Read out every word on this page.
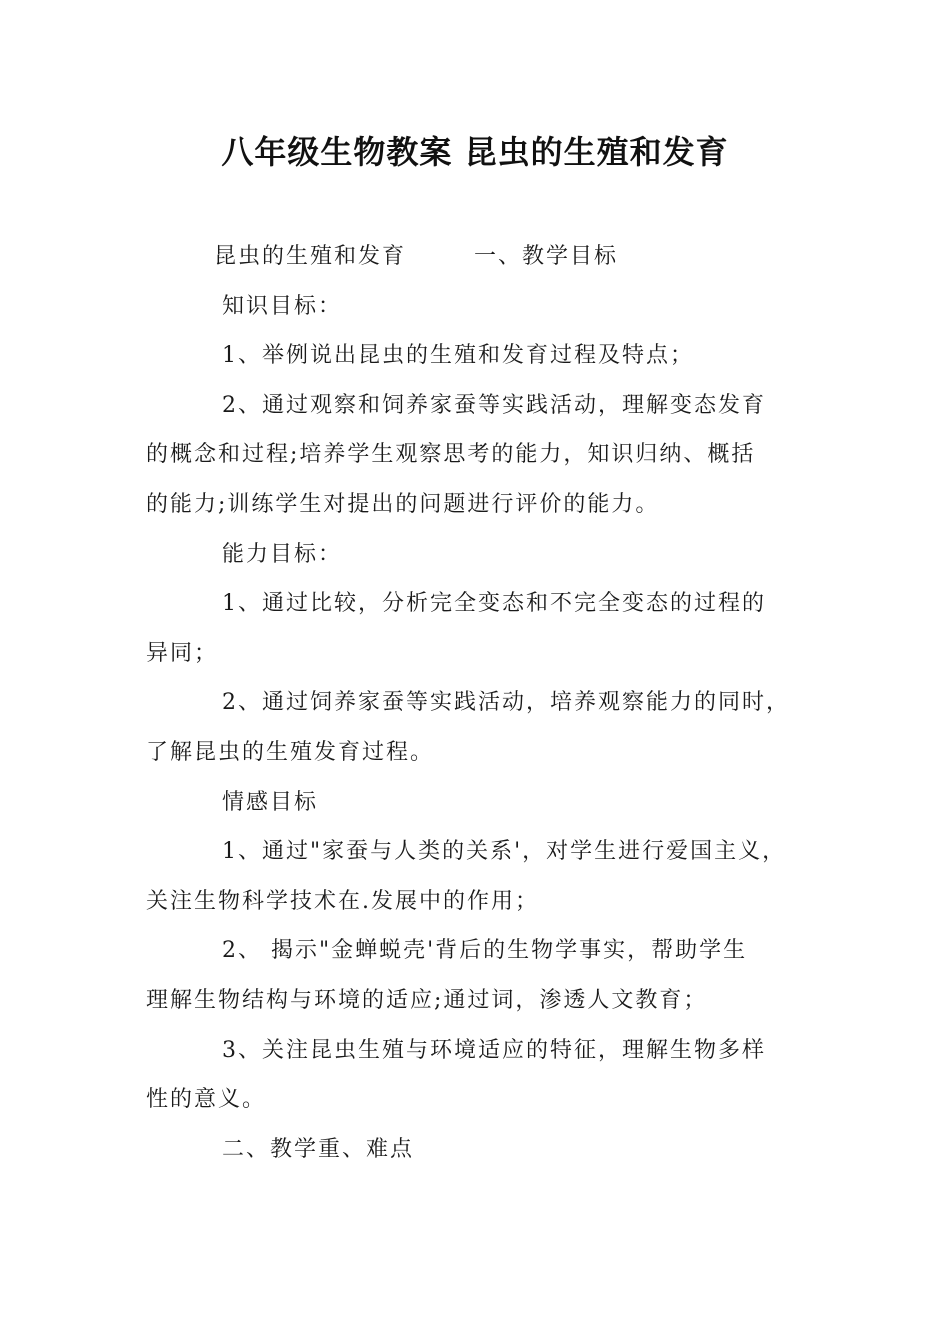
八年级生物教案 昆虫的生殖和发育
昆虫的生殖和发育	一、教学目标
知识目标：
1、举例说出昆虫的生殖和发育过程及特点；
2、通过观察和饲养家蚕等实践活动，理解变态发育
的概念和过程;培养学生观察思考的能力，知识归纳、概括
的能力;训练学生对提出的问题进行评价的能力。
能力目标：
1、通过比较，分析完全变态和不完全变态的过程的
异同；
2、通过饲养家蚕等实践活动，培养观察能力的同时，
了解昆虫的生殖发育过程。
情感目标
1、通过"家蚕与人类的关系'，对学生进行爱国主义，
关注生物科学技术在.发展中的作用；
2、 揭示"金蝉蜕壳'背后的生物学事实，帮助学生
理解生物结构与环境的适应;通过词，渗透人文教育；
3、关注昆虫生殖与环境适应的特征，理解生物多样
性的意义。
二、教学重、难点
